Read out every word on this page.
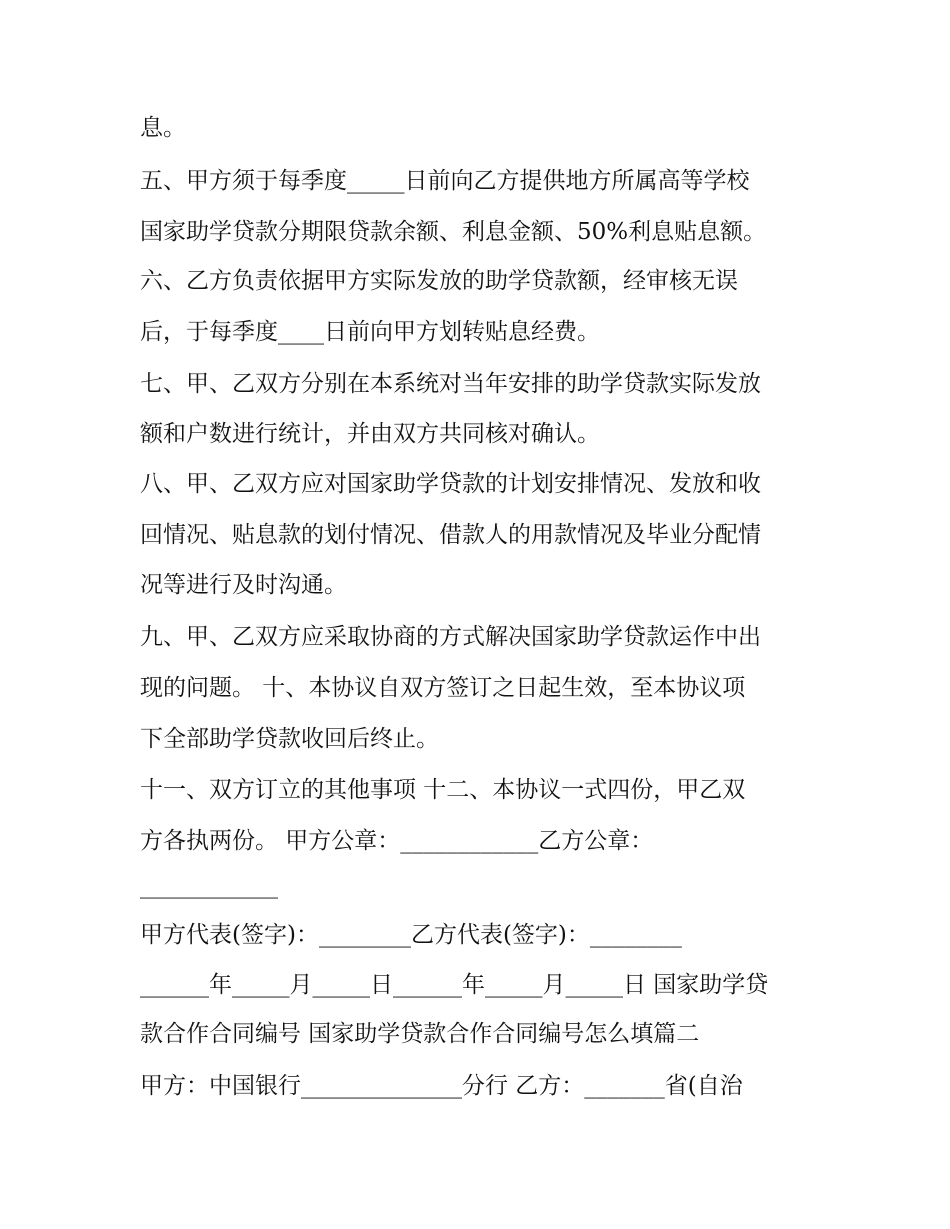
息。
五、甲方须于每季度_____日前向乙方提供地方所属高等学校
国家助学贷款分期限贷款余额、利息金额、50%利息贴息额。
六、乙方负责依据甲方实际发放的助学贷款额，经审核无误
后，于每季度____日前向甲方划转贴息经费。
七、甲、乙双方分别在本系统对当年安排的助学贷款实际发放
额和户数进行统计，并由双方共同核对确认。
八、甲、乙双方应对国家助学贷款的计划安排情况、发放和收
回情况、贴息款的划付情况、借款人的用款情况及毕业分配情
况等进行及时沟通。
九、甲、乙双方应采取协商的方式解决国家助学贷款运作中出
现的问题。 十、本协议自双方签订之日起生效，至本协议项
下全部助学贷款收回后终止。
十一、双方订立的其他事项 十二、本协议一式四份，甲乙双
方各执两份。 甲方公章：____________乙方公章：
____________
甲方代表(签字)：________乙方代表(签字)：________
______年_____月_____日______年_____月_____日 国家助学贷
款合作合同编号 国家助学贷款合作合同编号怎么填篇二
甲方：中国银行______________分行 乙方：_______省(自治
